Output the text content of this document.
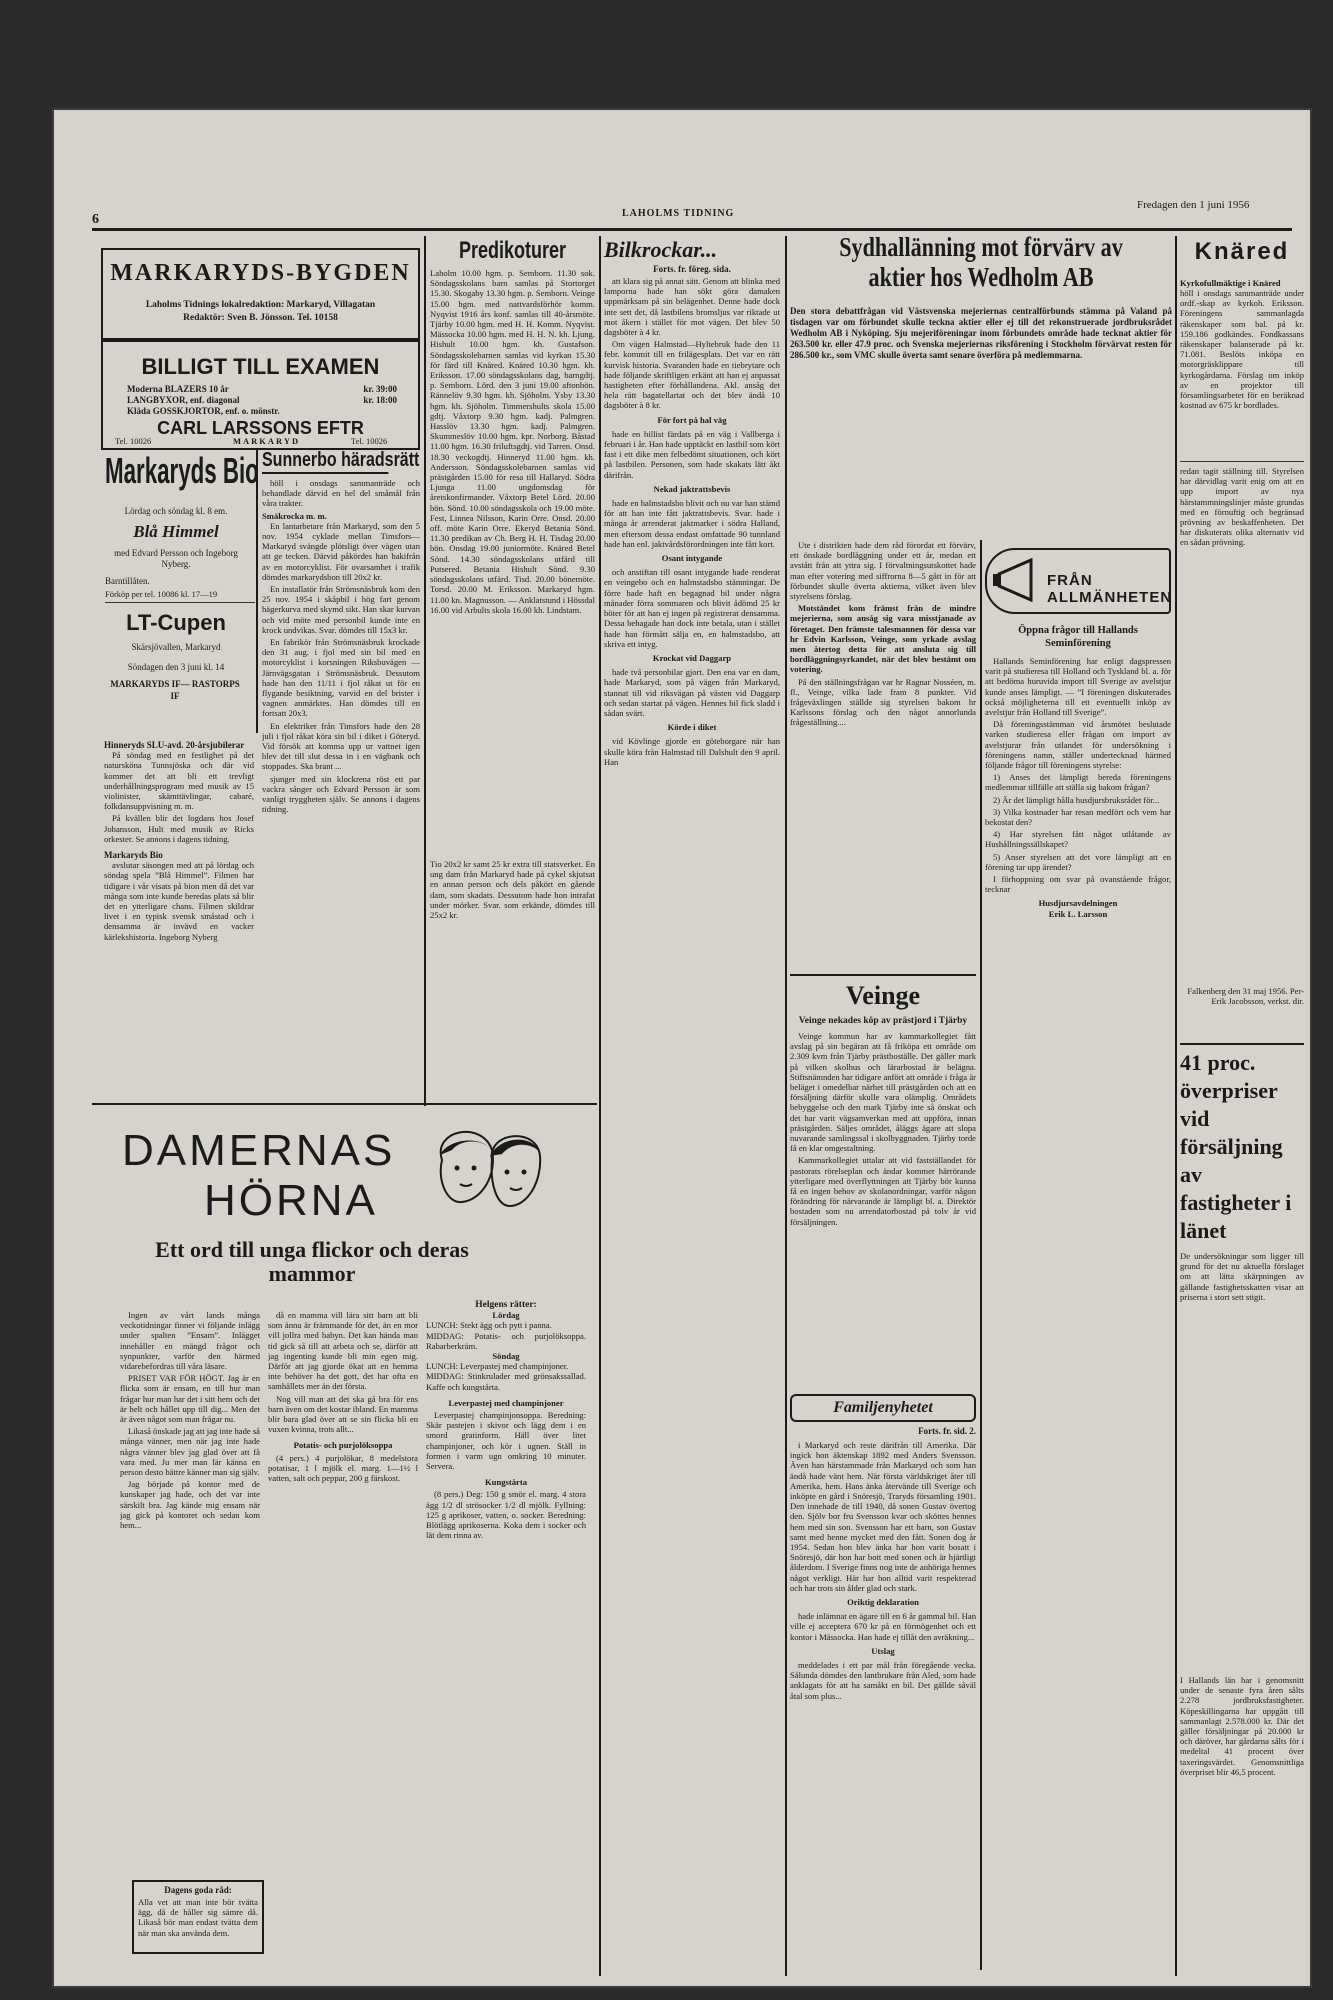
6	LAHOLMS TIDNING
Fredagen den 1 juni 1956
MARKARYDS-BYGDEN
Laholms Tidnings lokalredaktion: Markaryd, Villagatan
Redaktör: Sven B. Jönsson. Tel. 10158
BILLIGT TILL EXAMEN
Moderna BLAZERS 10 år	kr. 39:00
LANGBYXOR, enf. diagonal	kr. 18:00
Kläda GOSSKJORTOR, enf. o. mönstr.
CARL LARSSONS EFTR
Tel. 10026	MARKARYD	Tel. 10026
Markaryds Bio
Lördag och söndag kl. 8 em.
Blå Himmel
med Edvard Persson och Ingeborg Nyberg.
Barntillåten.
Förköp per tel. 10086 kl. 17—19
LT-Cupen
Skärsjövallen, Markaryd
Söndagen den 3 juni kl. 14
MARKARYDS IF— RASTORPS IF
Hinneryds SLU-avd. 20-årsjubilerar

På söndag med en festlighet på det natursköna Tunnsjöska och där vid kommer det att bli ett trevligt underhållningsprogram med musik av 15 violinister, skämttävlingar, cabaré, folkdansuppvisning m. m.

På kvällen blir det logdans hos Josef Johansson, Hult med musik av Ricks orkester. Se annons i dagens tidning.

Markaryds Bio

avslutar säsongen med att på lördag och söndag spela ”Blå Himmel”. Filmen har tidigare i vår visats på bion men då det var många som inte kunde beredas plats så blir det en ytterligare chans. Filmen skildrar livet i en typisk svensk småstad och i densamma är invävd en vacker kärlekshistoria. Ingeborg Nyberg

Sunnerbo häradsrätt

höll i onsdags sammanträde och behandlade därvid en hel del småmål från våra trakter.

Smäkrocka m. m.

En lantarbetare från Markaryd, som den 5 nov. 1954 cyklade mellan Timsfors—Markaryd svängde plötsligt över vägen utan att ge tecken. Därvid påkördes han bakifrån av en motorcyklist. För ovarsamhet i trafik dömdes markarydsbon till 20x2 kr.

En installatör från Strömsnäsbruk kom den 25 nov. 1954 i skåpbil i hög fart genom hägerkurva med skymd sikt. Han skar kurvan och vid möte med personbil kunde inte en krock undvikas. Svar. dömdes till 15x3 kr.

En fabrikör från Strömsnäsbruk krockade den 31 aug. i fjol med sin bil med en motorcyklist i korsningen Riksbuvägen — Järnvägsgatan i Strömsnäsbruk. Dessutom hade han den 11/11 i fjol råkat ut för en flygande besiktning, varvid en del brister i vagnen anmärktes. Han dömdes till en fortsatt 20x3.

En elektriker från Timsfors hade den 28 juli i fjol råkat köra sin bil i diket i Göteryd. Vid försök att komma upp ur vattnet igen blev det till slut dessa in i en vägbank och stoppades. Ska brant ...

sjunger med sin klockrena röst ett par vackra sånger och Edvard Persson är som vanligt tryggheten själv. Se annons i dagens tidning.

Predikoturer
Laholm 10.00 hgm. p. Semborn. 11.30 sok. Söndagsskolans barn samlas på Stortorget 15.30. Skogaby 13.30 hgm. p. Semborn. Veinge 15.00 hgm. med nattvardsförhör komm. Nyqvist 1916 års konf. samlas till 40-årsmöte. Tjärby 10.00 hgm. med H. H. Komm. Nyqvist. Mässocka 10.00 hgm. med H. H. N. kh. Ljung. Hishult 10.00 hgm. kh. Gustafson. Söndagsskolebarnen samlas vid kyrkan 15.30 för färd till Knäred. Knäred 10.30 hgm. kh. Eriksson. 17.00 söndagsskolans dag, barngdtj. p. Semborn. Lörd. den 3 juni 19.00 aftonbön. Rännelöv 9.30 hgm. kh. Sjöholm. Ysby 13.30 hgm. kh. Sjöholm. Timmershults skola 15.00 gdtj. Våxtorp 9.30 hgm. kadj. Palmgren. Hasslöv 13.30 hgm. kadj. Palmgren. Skummeslöv 10.00 hgm. kpr. Norborg. Båstad 11.00 hgm. 16.30 friluftsgdtj. vid Tarren. Onsd. 18.30 veckogdtj. Hinneryd 11.00 hgm. kh. Andersson. Söndagsskolebarnen samlas vid prästgården 15.00 för resa till Hallaryd. Södra Ljunga 11.00 ungdomsdag för åretskonfirmander. Våxtorp Betel Lörd. 20.00 bön. Sönd. 10.00 söndagsskola och 19.00 möte. Fest, Linnea Nilsson, Karin Orre. Onsd. 20.00 off. möte Karin Orre. Ekeryd Betania Sönd. 11.30 predikan av Ch. Berg H. H. Tisdag 20.00 bön. Onsdag 19.00 juniormöte. Knäred Betel Sönd. 14.30 söndagsskolans utfärd till Putsered. Betania Hishult Sönd. 9.30 söndagsskolans utfärd. Tisd. 20.00 bönemöte. Torsd. 20.00 M. Eriksson. Markaryd hgm. 11.00 kn. Magnusson. — Anklatstund i Hössdal 16.00 vid Arbults skola 16.00 kh. Lindstam.
Tio 20x2 kr samt 25 kr extra till statsverket. En ung dam från Markaryd hade på cykel skjutsat en annan person och dels påkört en gående dam, som skadats. Dessutom hade hon intrafat under mörker. Svar. som erkände, dömdes till 25x2 kr.
Bilkrockar...
Forts. fr. föreg. sida.

att klara sig på annat sätt. Genom att blinka med lamporna hade han sökt göra damaken uppmärksam på sin belägenhet. Denne hade dock inte sett det, då lastbilens bromsljus var riktade ut mot åkern i stället för mot vägen. Det blev 50 dagsböter à 4 kr.

Om vägen Halmstad—Hyltebruk hade den 11 febr. kommit till en frilägesplats. Det var en rätt kurvisk historia. Svaranden hade en tiebrytare och hade följande skriftligen erkänt att han ej anpassat hastigheten efter förhållandena. Akl. ansåg det hela rätt bagatellartat och det blev ändå 10 dagsböter à 8 kr.

För fort på hal väg

hade en billist färdats på en väg i Vallberga i februari i år. Han hade upptäckt en lastbil som kört fast i ett dike men felbedömt situationen, och kört på lastbilen. Personen, som hade skakats lätt åkt därifrån.

Nekad jaktrattsbevis

hade en halmstadsbo blivit och nu var han stämd för att han inte fått jaktrattsbevis. Svar. hade i många år arrenderat jaktmarker i södra Halland, men eftersom dessa endast omfattade 90 tunnland hade han enl. jaktvårdsförordningen inte fått kort.

Osant intygande

och anstiftan till osant intygande hade renderat en veingebo och en halmstadsbo stämningar. De förre hade haft en begagnad bil under några månader förra sommaren och blivit ådömd 25 kr böter för att han ej ingen på registrerat densamma. Dessa behagade han dock inte betala, utan i stället hade han förmått sälja en, en halmstadsbo, att skriva ett intyg.

Krockat vid Daggarp

hade två personbilar gjort. Den ena var en dam, hade Markaryd, som på vägen från Markaryd, stannat till vid riksvägan på västen vid Daggarp och sedan startat på vägen. Hennes bil fick sladd i sådan svärt.

Körde i diket

vid Kövlinge gjorde en göteborgare när han skulle köra från Halmstad till Dalshult den 9 april. Han

Sydhallänning mot förvärv av aktier hos Wedholm AB
Den stora debattfrågan vid Västsvenska mejeriernas centralförbunds stämma på Valand på tisdagen var om förbundet skulle teckna aktier eller ej till det rekonstruerade jordbruksrådet Wedholm AB i Nyköping. Sju mejeriföreningar inom förbundets område hade tecknat aktier för 263.500 kr. eller 47.9 proc. och Svenska mejeriernas riksförening i Stockholm förvärvat resten för 286.500 kr., som VMC skulle överta samt senare överföra på medlemmarna.

Ute i distrikten hade dem råd förordat ett förvärv, ett önskade bordläggning under ett år, medan ett avstått från att yttra sig. I förvaltningsutskottet hade man efter votering med siffrorna 8—5 gått in för att förbundet skulle överta aktierna, vilket även blev styrelsens förslag.

Motståndet kom främst från de mindre mejerierna, som ansåg sig vara misstjanade av företaget. Den främste talesmannen för dessa var hr Edvin Karlsson, Veinge, som yrkade avslag men återtog detta för att ansluta sig till bordläggningsyrkandet, när det blev bestämt om votering.

På den ställningsfrågan var hr Ragnar Nosséen, m. fl., Veinge, vilka lade fram 8 punkter. Vid frågeväxlingen ställde sig styrelsen bakom hr Karlssons förslag och den något annorlunda frågeställning....

Veinge
Veinge nekades köp av prästjord i Tjärby

Veinge kommun har av kammarkollegiet fått avslag på sin begäran att få friköpa ett område om 2.309 kvm från Tjärby prästboställe. Det gäller mark på vilken skolhus och lärarbostad är belägna. Stiftsnämnden har tidigare anfört att område i fråga är beläget i omedelbar närhet till prästgården och att en försäljning därför skulle vara olämplig. Områdets bebyggelse och den mark Tjärby inte så önskat och det har varit vägsamverkan med att uppföra, innan prästgården. Säljes området, åläggs ägare att slopa nuvarande samlingssal i skolbyggnaden. Tjärby torde få en klar omgestaltning.

Kammarkollegiet uttalar att vid fastställandet för pastorats rörelseplan och ändar kommer härrörande ytterligare med överflyttningen att Tjärby bör kunna få en ingen behov av skolanordningar, varför någon förändring för närvarande är lämpligt bl. a. Direktör bostaden som nu arrendatorbostad på tolv år vid försäljningen.

Familjenyhetet
Forts. fr. sid. 2.

i Markaryd och reste därifrån till Amerika. Där ingick hon äktenskap 1892 med Anders Svensson. Även han härstammade från Markaryd och som han ändå hade vänt hem. När första världskriget åter till Amerika, hem. Hans änka återvände till Sverige och inköpte en gård i Snöresjö, Traryds församling 1901. Den innehade de till 1940, då sonen Gustav övertog den. Sjölv bor fru Svensson kvar och sköttes hennes hem med sin son. Svensson har ett barn, son Gustav samt med henne mycket med den fått. Sonen dog år 1954. Sedan hon blev änka har hon varit bosatt i Snöresjö, där hon har bott med sonen och är hjärtligt ålderdom. I Sverige finns nog inte de anhöriga hennes något verkligt. Här har hon alltid varit respekterad och har trots sin ålder glad och stark.

Oriktig deklaration

hade inlämnat en ägare till en 6 år gammal bil. Han ville ej acceptera 670 kr på en förmögenhet och ett kontor i Mässocka. Han hade ej tillåt den avräkning...

Utslag

meddelades i ett par mål från föregående vecka. Sålunda dömdes den lantbrukare från Aled, som hade anklagats för att ha samåkt en bil. Det gällde såväl åtal som plus...

FRÅN ALLMÄNHETEN
Öppna frågor till Hallands Seminförening

Hallands Seminförening har enligt dagspressen varit på studieresa till Holland och Tyskland bl. a. för att bedöma huruvida import till Sverige av avelstjur kunde anses lämpligt. — ”I föreningen diskuterades också möjligheterna till ett eventuellt inköp av avelstjur från Holland till Sverige”.

Då föreningsstämman vid årsmötet beslutade varken studieresa eller frågan om import av avelstjurar från utlandet för undersökning i föreningens namn, ställer undertecknad härmed följande frågor till föreningens styrelse:

1) Anses det lämpligt bereda föreningens medlemmar tillfälle att ställa sig bakom frågan?

2) Är det lämpligt hålla husdjursbruksrådet för...

3) Vilka kostnader har resan medfört och vem har bekostat den?

4) Har styrelsen fått något utlåtande av Hushållningssällskapet?

5) Anser styrelsen att det vore lämpligt att en förening tar upp ärendet?

I förhoppning om svar på ovanstående frågor, tecknar

Husdjursavdelningen
Erik L. Larsson
Knäred
Kyrkofullmäktige i Knäred
höll i onsdags sammanträde under ordf.-skap av kyrkoh. Eriksson. Föreningens sammanlagda räkenskaper som bal. på kr. 159.186 godkändes. Fondkassans räkenskaper balanserade på kr. 71.081. Beslöts inköpa en motorgräsklippare till kyrkogårdarna. Förslag om inköp av en projektor till församlingsarbetet för en beräknad kostnad av 675 kr bordlades.
redan tagit ställning till. Styrelsen har därvidlag varit enig om att en upp import av nya härstammningslinjer måste grundas med en förnuftig och begränsad prövning av beskaffenheten. Det har diskuterats olika alternativ vid en sådan prövning.
Falkenberg den 31 maj 1956. Per-Erik Jacobsson, verkst. dir.
41 proc. överpriser vid försäljning av fastigheter i länet
De undersökningar som ligger till grund för det nu aktuella förslaget om att lätta skärpningen av gällande fastighetsskatten visar att priserna i stort sett stigit.
I Hallands län har i genomsnitt under de senaste fyra åren sålts 2.278 jordbruksfastigheter. Köpeskillingarna har uppgått till sammanlagt 2.578.000 kr. Där det gäller försäljningar på 20.000 kr och däröver, har gårdarna sålts för i medeltal 41 procent över taxeringsvärdet. Genomsnittliga överpriset blir 46,5 procent.
DAMERNAS
HÖRNA
Ett ord till unga flickor och deras mammor

Ingen av vårt lands många veckotidningar finner vi följande inlägg under spalten ”Ensam”. Inlägget innehåller en mängd frågor och synpunkter, varför den härmed vidarebefordras till våra läsare.

PRISET VAR FÖR HÖGT. Jag är en flicka som är ensam, en till hur man frågar hur man har det i sitt hem och det är helt och hållet upp till dig... Men det är även något som man frågar nu.

Likaså önskade jag att jag inte hade så många vänner, men när jag inte hade några vänner blev jag glad över att få vara med. Ju mer man lär känna en person desto bättre känner man sig själv.

Jag började på kontor med de kunskaper jag hade, och det var inte särskilt bra. Jag kände mig ensam när jag gick på kontoret och sedan kom hem...

Dagens goda råd:
Alla vet att man inte bör tvätta ägg, då de håller sig sämre då. Likaså bör man endast tvätta dem när man ska använda dem.

då en mamma vill lära sitt barn att bli som ännu är främmande för det, än en mor vill jollra med babyn. Det kan hända man tid gick så till att arbeta och se, därför att jag ingenting kunde bli min egen mig. Därför att jag gjorde ökat att en hemma inte behöver ha det gott, det har ofta en samhällets mer än det första.

Nog vill man att det ska gå bra för ens barn även om det kostar ibland. En mamma blir bara glad över att se sin flicka bli en vuxen kvinna, trots allt...

Potatis- och purjolöksoppa

(4 pers.) 4 purjolökar, 8 medelstora potatisar, 1 l mjölk el. marg. 1—1½ l vatten, salt och peppar, 200 g färskost.

Helgens rätter:
Lördag
LUNCH: Stekt ägg och pytt i panna.
MIDDAG: Potatis- och purjolöksoppa. Rabarberkräm.
Söndag
LUNCH: Leverpastej med champinjoner.
MIDDAG: Stinkrulader med grönsakssallad. Kaffe och kungstårta.
Leverpastej med champinjoner

Leverpastej champinjonsoppa. Beredning: Skär pastejen i skivor och lägg dem i en smord gratinform. Häll över litet champinjoner, och kör i ugnen. Ställ in formen i varm ugn omkring 10 minuter. Servera.

Kungstårta

(8 pers.) Deg: 150 g smör el. marg. 4 stora ägg 1/2 dl strösocker 1/2 dl mjölk. Fyllning: 125 g aprikoser, vatten, o. socker. Beredning: Blötlägg aprikoserna. Koka dem i socker och lät dem rinna av.
